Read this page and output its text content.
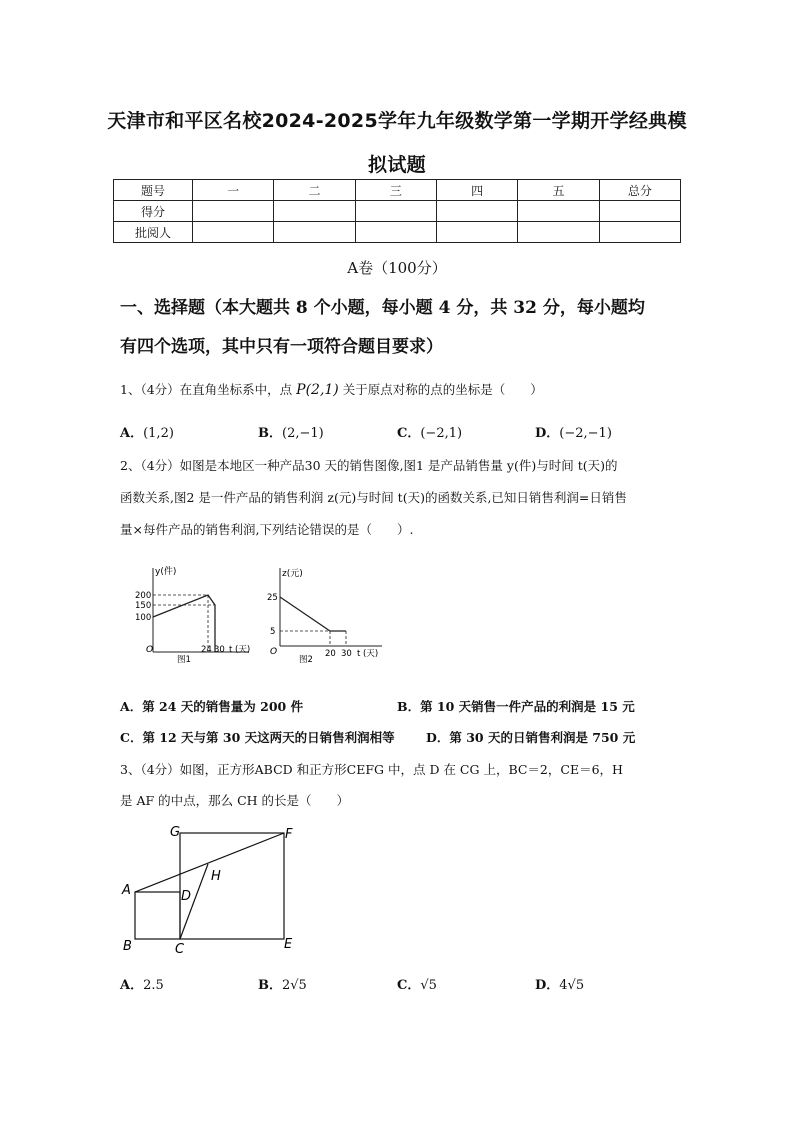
天津市和平区名校2024-2025学年九年级数学第一学期开学经典模
拟试题
题号	一	二	三	四	五	总分
得分						
批阅人						
A卷（100分）
一、选择题（本大题共 8 个小题，每小题 4 分，共 32 分，每小题均
有四个选项，其中只有一项符合题目要求）
1、（4分）在直角坐标系中，点 P(2,1) 关于原点对称的点的坐标是（　　）
A．(1,2)	B．(2,−1)	C．(−2,1)	D．(−2,−1)
2、（4分）如图是本地区一种产品30 天的销售图像,图1 是产品销售量 y(件)与时间 t(天)的
函数关系,图2 是一件产品的销售利润 z(元)与时间 t(天)的函数关系,已知日销售利润=日销售
量×每件产品的销售利润,下列结论错误的是（　　）.
y(件)
200
150
100
O	24 30 t (天)
图1
z(元)
25
5
O	20 30 t (天)
图2
A．第 24 天的销售量为 200 件	B．第 10 天销售一件产品的利润是 15 元
C．第 12 天与第 30 天这两天的日销售利润相等	D．第 30 天的日销售利润是 750 元
3、（4分）如图，正方形ABCD 和正方形CEFG 中，点 D 在 CG 上，BC＝2，CE＝6，H
是 AF 的中点，那么 CH 的长是（　　）
A
B	C
D
E
F
G
H
A．2.5	B．2√5	C．√5	D．4√5
